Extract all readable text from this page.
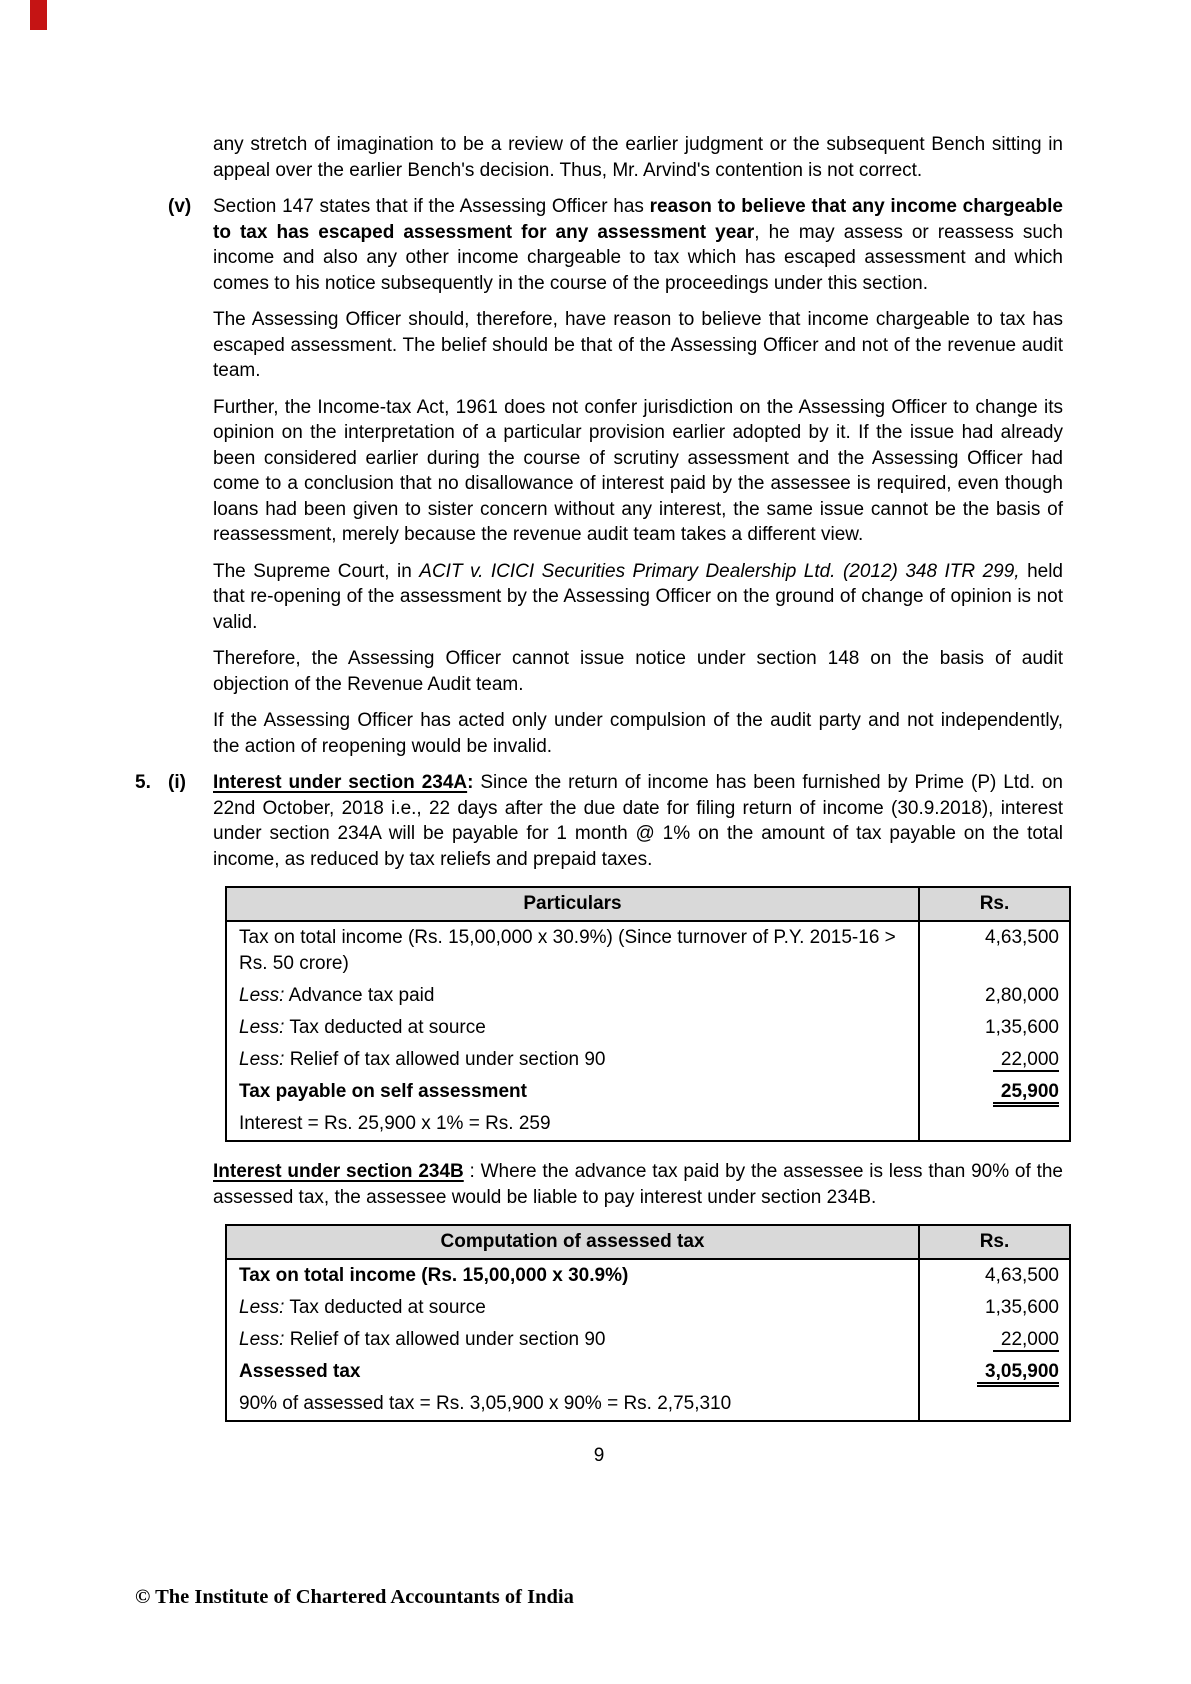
any stretch of imagination to be a review of the earlier judgment or the subsequent Bench sitting in appeal over the earlier Bench's decision. Thus, Mr. Arvind's contention is not correct.
(v) Section 147 states that if the Assessing Officer has reason to believe that any income chargeable to tax has escaped assessment for any assessment year, he may assess or reassess such income and also any other income chargeable to tax which has escaped assessment and which comes to his notice subsequently in the course of the proceedings under this section.
The Assessing Officer should, therefore, have reason to believe that income chargeable to tax has escaped assessment. The belief should be that of the Assessing Officer and not of the revenue audit team.
Further, the Income-tax Act, 1961 does not confer jurisdiction on the Assessing Officer to change its opinion on the interpretation of a particular provision earlier adopted by it. If the issue had already been considered earlier during the course of scrutiny assessment and the Assessing Officer had come to a conclusion that no disallowance of interest paid by the assessee is required, even though loans had been given to sister concern without any interest, the same issue cannot be the basis of reassessment, merely because the revenue audit team takes a different view.
The Supreme Court, in ACIT v. ICICI Securities Primary Dealership Ltd. (2012) 348 ITR 299, held that re-opening of the assessment by the Assessing Officer on the ground of change of opinion is not valid.
Therefore, the Assessing Officer cannot issue notice under section 148 on the basis of audit objection of the Revenue Audit team.
If the Assessing Officer has acted only under compulsion of the audit party and not independently, the action of reopening would be invalid.
5. (i) Interest under section 234A: Since the return of income has been furnished by Prime (P) Ltd. on 22nd October, 2018 i.e., 22 days after the due date for filing return of income (30.9.2018), interest under section 234A will be payable for 1 month @ 1% on the amount of tax payable on the total income, as reduced by tax reliefs and prepaid taxes.
Particulars	Rs.
Tax on total income (Rs. 15,00,000 x 30.9%) (Since turnover of P.Y. 2015-16 > Rs. 50 crore)	4,63,500
Less: Advance tax paid	2,80,000
Less: Tax deducted at source	1,35,600
Less: Relief of tax allowed under section 90	22,000
Tax payable on self assessment	25,900
Interest = Rs. 25,900 x 1% = Rs. 259	
Interest under section 234B : Where the advance tax paid by the assessee is less than 90% of the assessed tax, the assessee would be liable to pay interest under section 234B.
Computation of assessed tax	Rs.
Tax on total income (Rs. 15,00,000 x 30.9%)	4,63,500
Less: Tax deducted at source	1,35,600
Less: Relief of tax allowed under section 90	22,000
Assessed tax	3,05,900
90% of assessed tax = Rs. 3,05,900 x 90% = Rs. 2,75,310	
9
© The Institute of Chartered Accountants of India
